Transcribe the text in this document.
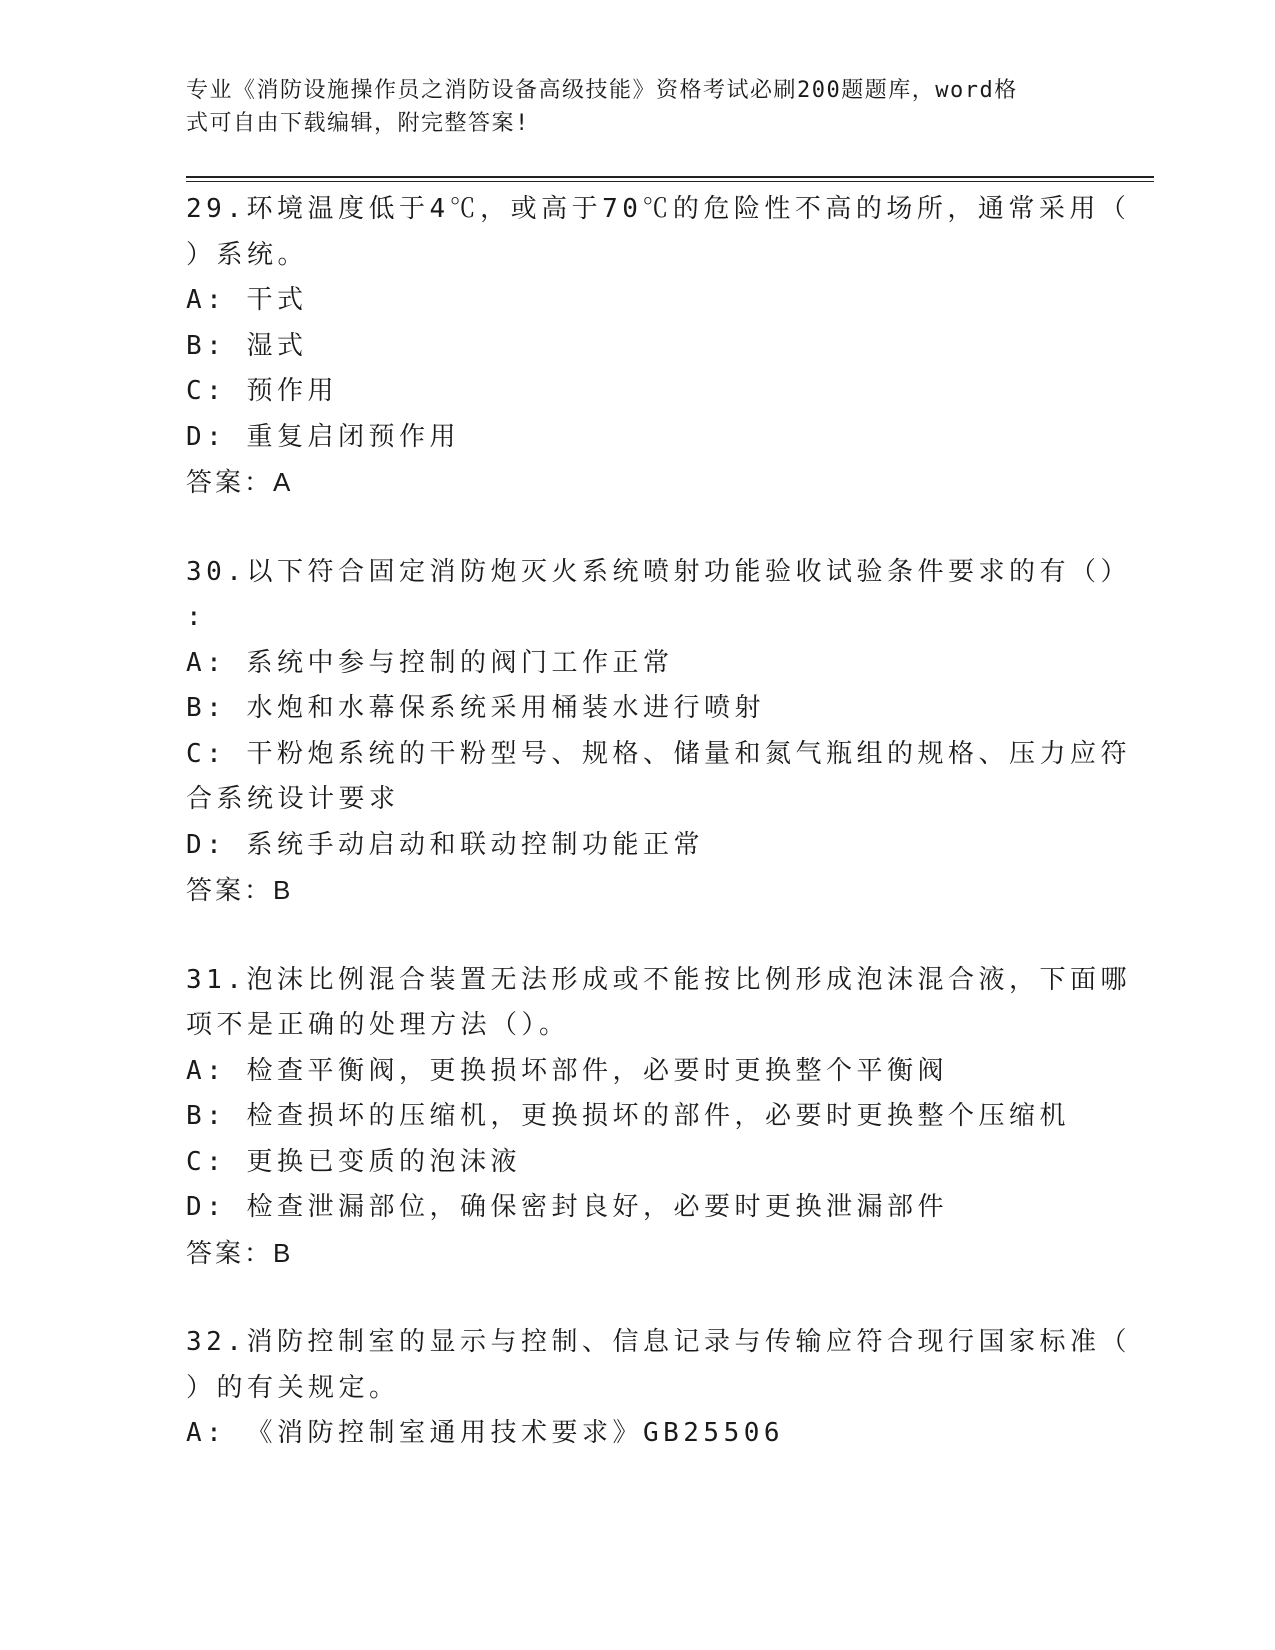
专业《消防设施操作员之消防设备高级技能》资格考试必刷200题题库，word格
式可自由下载编辑，附完整答案!
29.环境温度低于4℃，或高于70℃的危险性不高的场所，通常采用（
）系统。
A: 干式
B: 湿式
C: 预作用
D: 重复启闭预作用
答案：A
30.以下符合固定消防炮灭火系统喷射功能验收试验条件要求的有（）
:
A: 系统中参与控制的阀门工作正常
B: 水炮和水幕保系统采用桶装水进行喷射
C: 干粉炮系统的干粉型号、规格、储量和氮气瓶组的规格、压力应符
合系统设计要求
D: 系统手动启动和联动控制功能正常
答案：B
31.泡沫比例混合装置无法形成或不能按比例形成泡沫混合液，下面哪
项不是正确的处理方法（）。
A: 检查平衡阀，更换损坏部件，必要时更换整个平衡阀
B: 检查损坏的压缩机，更换损坏的部件，必要时更换整个压缩机
C: 更换已变质的泡沫液
D: 检查泄漏部位，确保密封良好，必要时更换泄漏部件
答案：B
32.消防控制室的显示与控制、信息记录与传输应符合现行国家标准（
）的有关规定。
A: 《消防控制室通用技术要求》GB25506
